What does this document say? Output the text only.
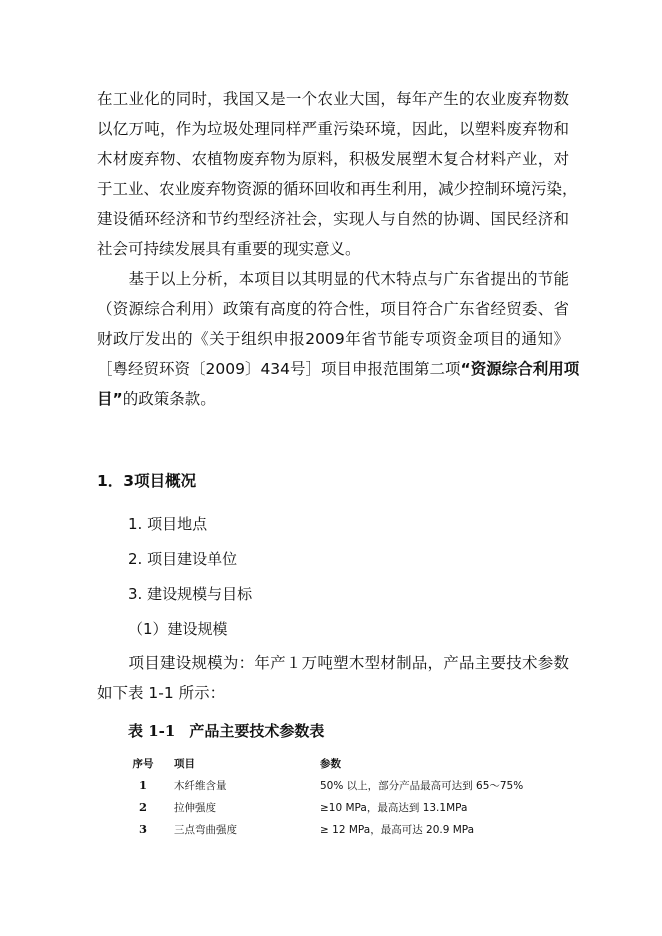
在工业化的同时，我国又是一个农业大国，每年产生的农业废弃物数
以亿万吨，作为垃圾处理同样严重污染环境，因此，以塑料废弃物和
木材废弃物、农植物废弃物为原料，积极发展塑木复合材料产业，对
于工业、农业废弃物资源的循环回收和再生利用，减少控制环境污染，
建设循环经济和节约型经济社会，实现人与自然的协调、国民经济和
社会可持续发展具有重要的现实意义。
　　基于以上分析，本项目以其明显的代木特点与广东省提出的节能
（资源综合利用）政策有高度的符合性，项目符合广东省经贸委、省
财政厅发出的《关于组织申报2009年省节能专项资金项目的通知》
［粤经贸环资〔2009〕434号］项目申报范围第二项“资源综合利用项
目”的政策条款。
1．3项目概况

1. 项目地点

2. 项目建设单位

3. 建设规模与目标

（1）建设规模

　　项目建设规模为：年产１万吨塑木型材制品，产品主要技术参数
如下表 1-1 所示：

表 1-1 产品主要技术参数表

序号	项目	参数
1	木纤维含量	50% 以上，部分产品最高可达到 65～75%
2	拉伸强度	≥10 MPa，最高达到 13.1MPa
3	三点弯曲强度	≥ 12 MPa，最高可达 20.9 MPa
